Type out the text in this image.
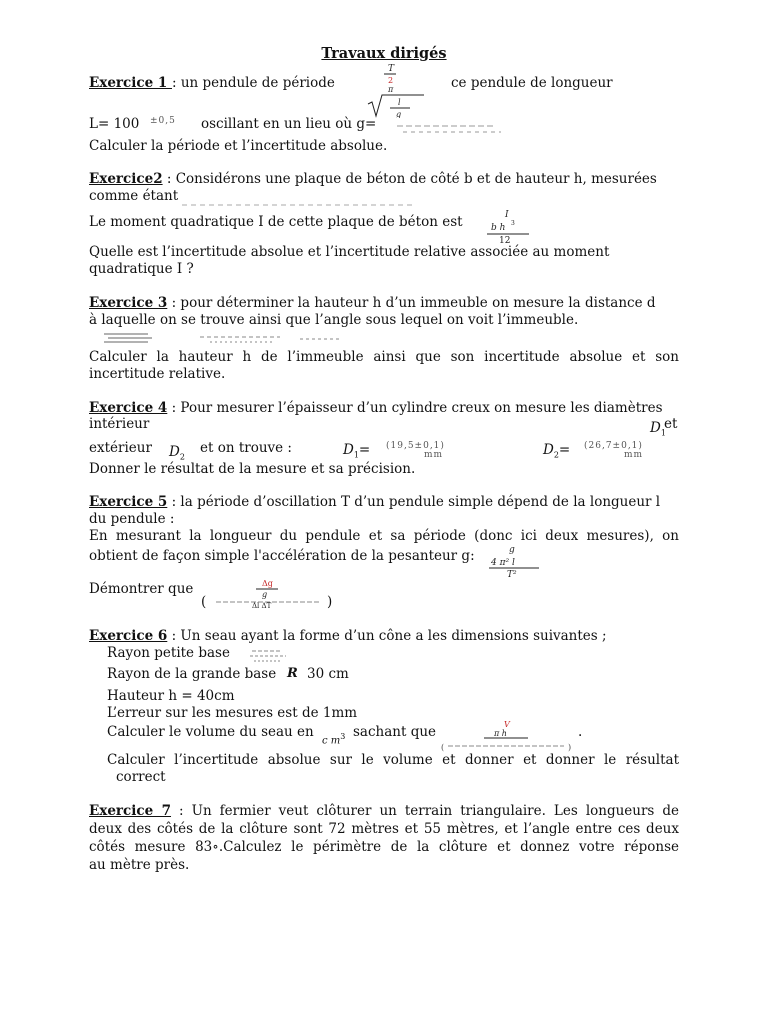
Travaux dirigés
Exercice 1 : un pendule de période
T
2
π
l
g
ce pendule de longueur
L= 100	±0,5 oscillant en un lieu où g=
Calculer la période et l’incertitude absolue.
Exercice2 : Considérons une plaque de béton de côté b et de hauteur h, mesurées
comme étant
Le moment quadratique I de cette plaque de béton est	I
b h 3
12
Quelle est l’incertitude absolue et l’incertitude relative associée au moment
quadratique I ?
Exercice 3 : pour déterminer la hauteur h d’un immeuble on mesure la distance d
à laquelle on se trouve ainsi que l’angle sous lequel on voit l’immeuble.
Calculer la hauteur h de l’immeuble ainsi que son incertitude absolue et son
incertitude relative.
Exercice 4 : Pour mesurer l’épaisseur d’un cylindre creux on mesure les diamètres
intérieur	$D_1$
et
extérieur	$D_2$
et on trouve :	$D_1= (19,5\pm 0,1)$
mm	$D_2= (26,7\pm 0,1)$
mm
Donner le résultat de la mesure et sa précision.
Exercice 5 : la période d’oscillation T d’un pendule simple dépend de la longueur l
du pendule :
En mesurant la longueur du pendule et sa période (donc ici deux mesures), on
obtient de façon simple l'accélération de la pesanteur g:	g
4 π² l
T²
Démontrer que
(
Δg
g
Δl ΔT	)
Exercice 6 : Un seau ayant la forme d’un cône a les dimensions suivantes ;
Rayon petite base
Rayon de la grande base R 30 cm
Hauteur h = 40cm
L’erreur sur les mesures est de 1mm
Calculer le volume du seau en
c $m^3$ sachant que	V
π h
(	)
.
Calculer l’incertitude absolue sur le volume et donner et donner le résultat
correct
Exercice 7 : Un fermier veut clôturer un terrain triangulaire. Les longueurs de
deux des côtés de la clôture sont 72 mètres et 55 mètres, et l’angle entre ces deux
côtés mesure 83∘.Calculez le périmètre de la clôture et donnez votre réponse
au mètre près.
